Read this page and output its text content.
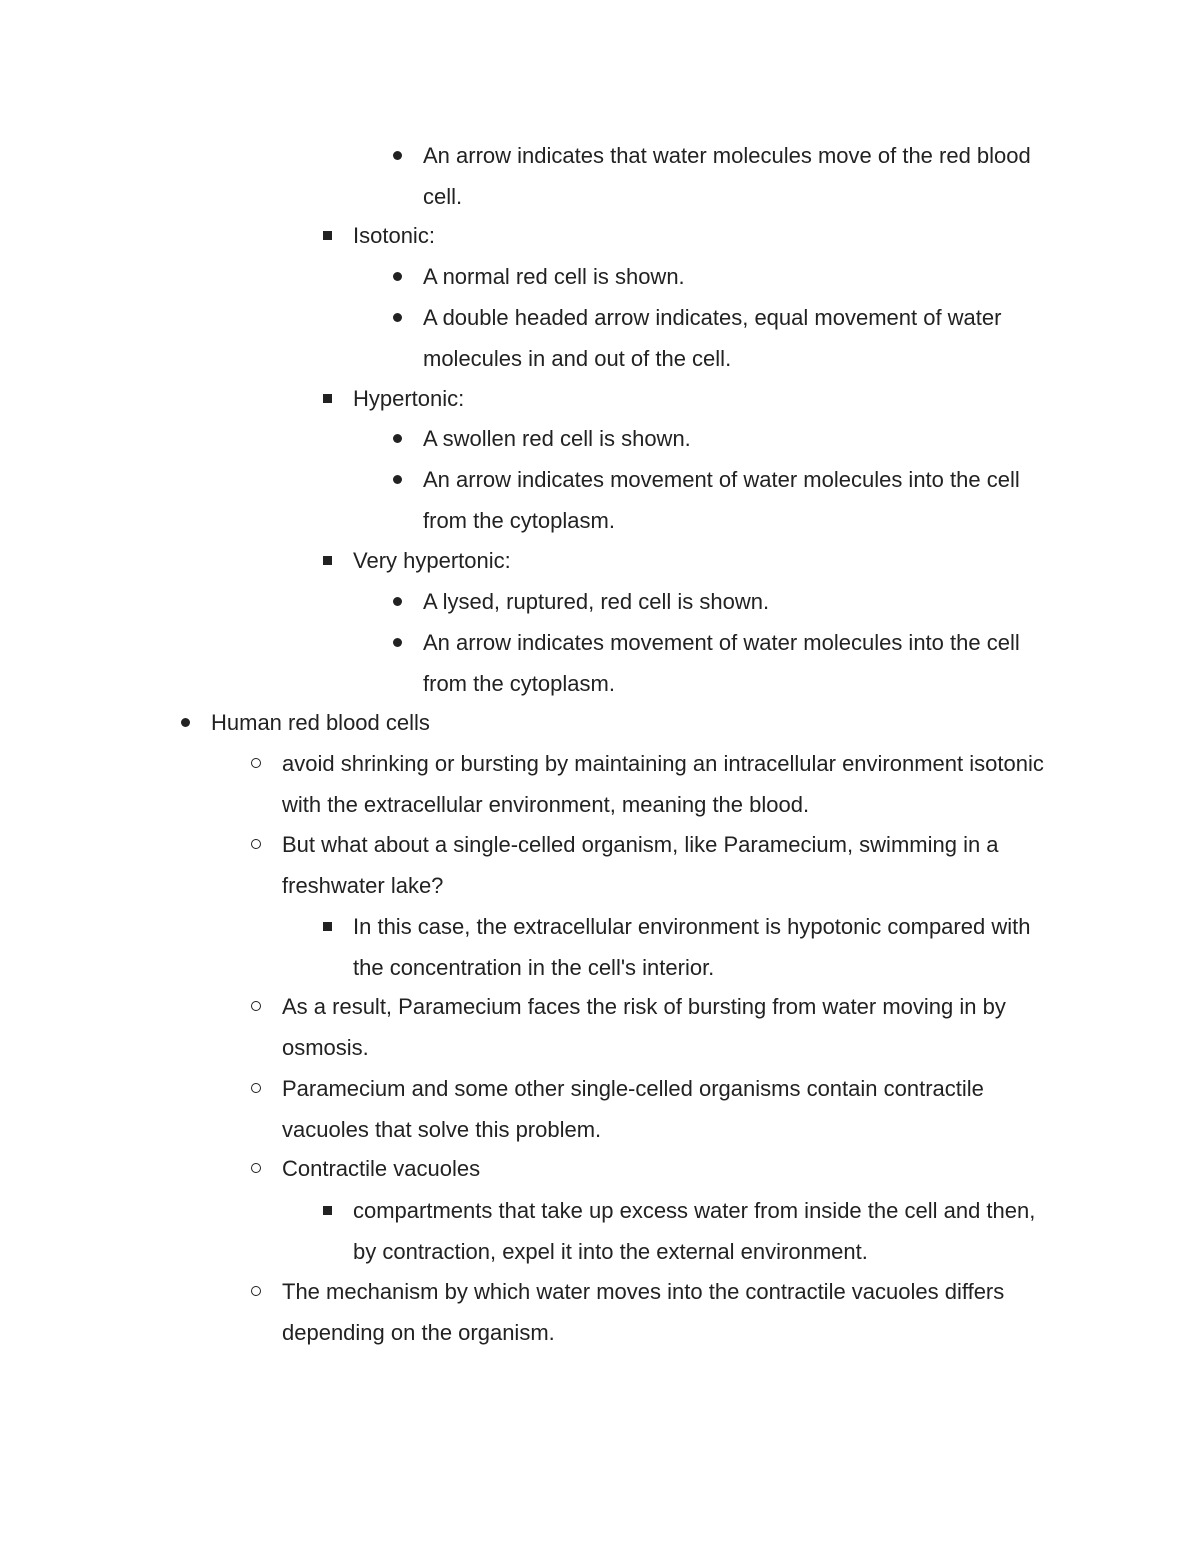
An arrow indicates that water molecules move of the red blood cell.
Isotonic:
A normal red cell is shown.
A double headed arrow indicates, equal movement of water molecules in and out of the cell.
Hypertonic:
A swollen red cell is shown.
An arrow indicates movement of water molecules into the cell from the cytoplasm.
Very hypertonic:
A lysed, ruptured, red cell is shown.
An arrow indicates movement of water molecules into the cell from the cytoplasm.
Human red blood cells
avoid shrinking or bursting by maintaining an intracellular environment isotonic with the extracellular environment, meaning the blood.
But what about a single-celled organism, like Paramecium, swimming in a freshwater lake?
In this case, the extracellular environment is hypotonic compared with the concentration in the cell's interior.
As a result, Paramecium faces the risk of bursting from water moving in by osmosis.
Paramecium and some other single-celled organisms contain contractile vacuoles that solve this problem.
Contractile vacuoles
compartments that take up excess water from inside the cell and then, by contraction, expel it into the external environment.
The mechanism by which water moves into the contractile vacuoles differs depending on the organism.
